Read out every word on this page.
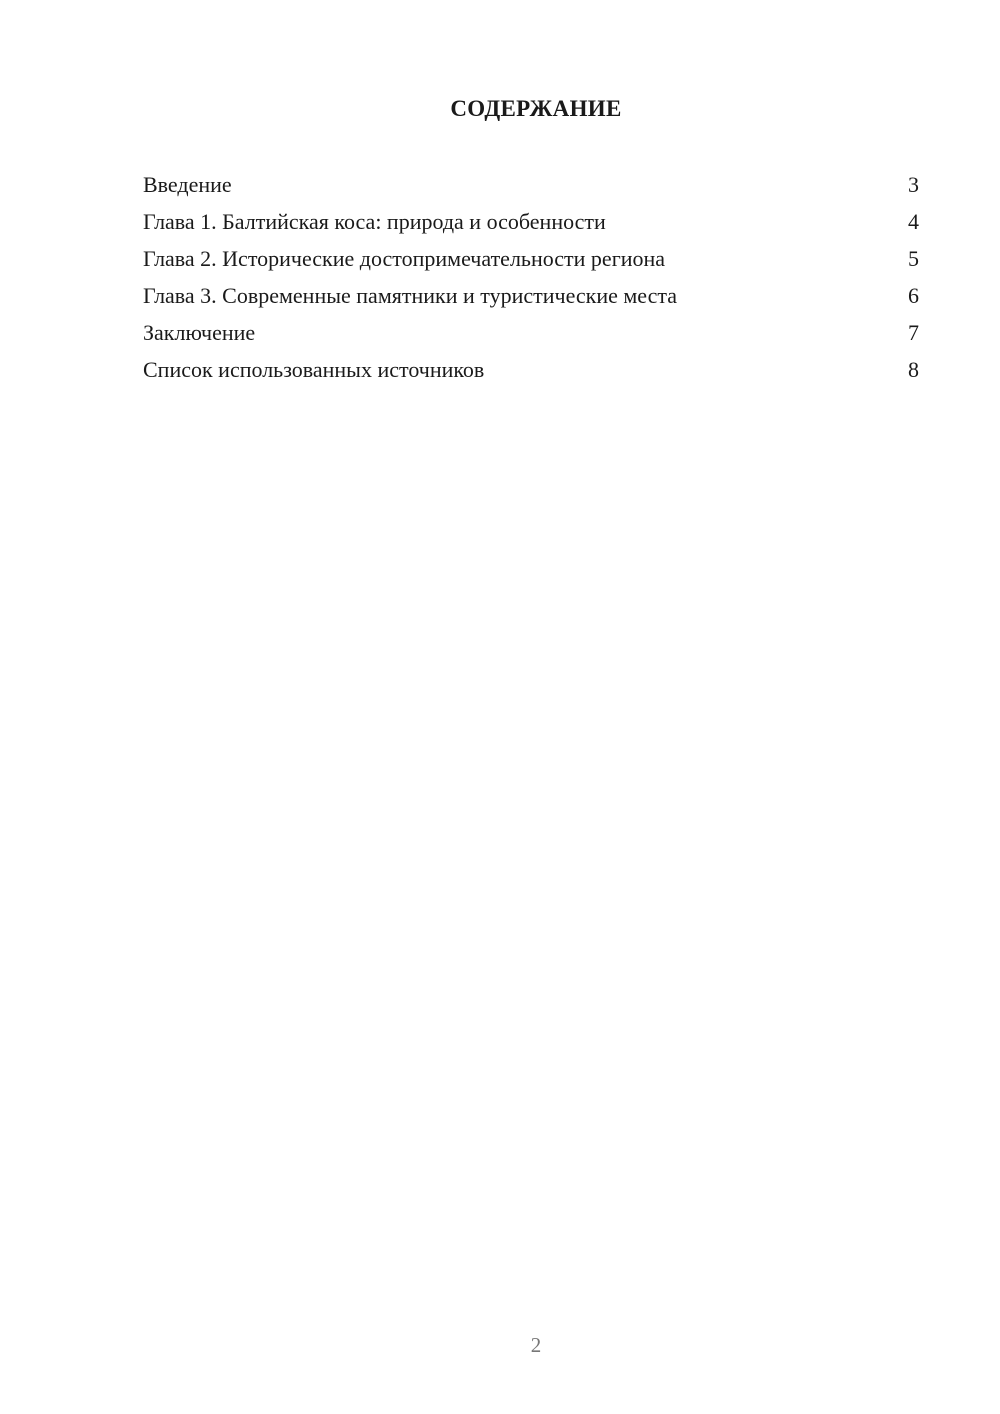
СОДЕРЖАНИЕ
Введение	3
Глава 1. Балтийская коса: природа и особенности	4
Глава 2. Исторические достопримечательности региона	5
Глава 3. Современные памятники и туристические места	6
Заключение	7
Список использованных источников	8
2
